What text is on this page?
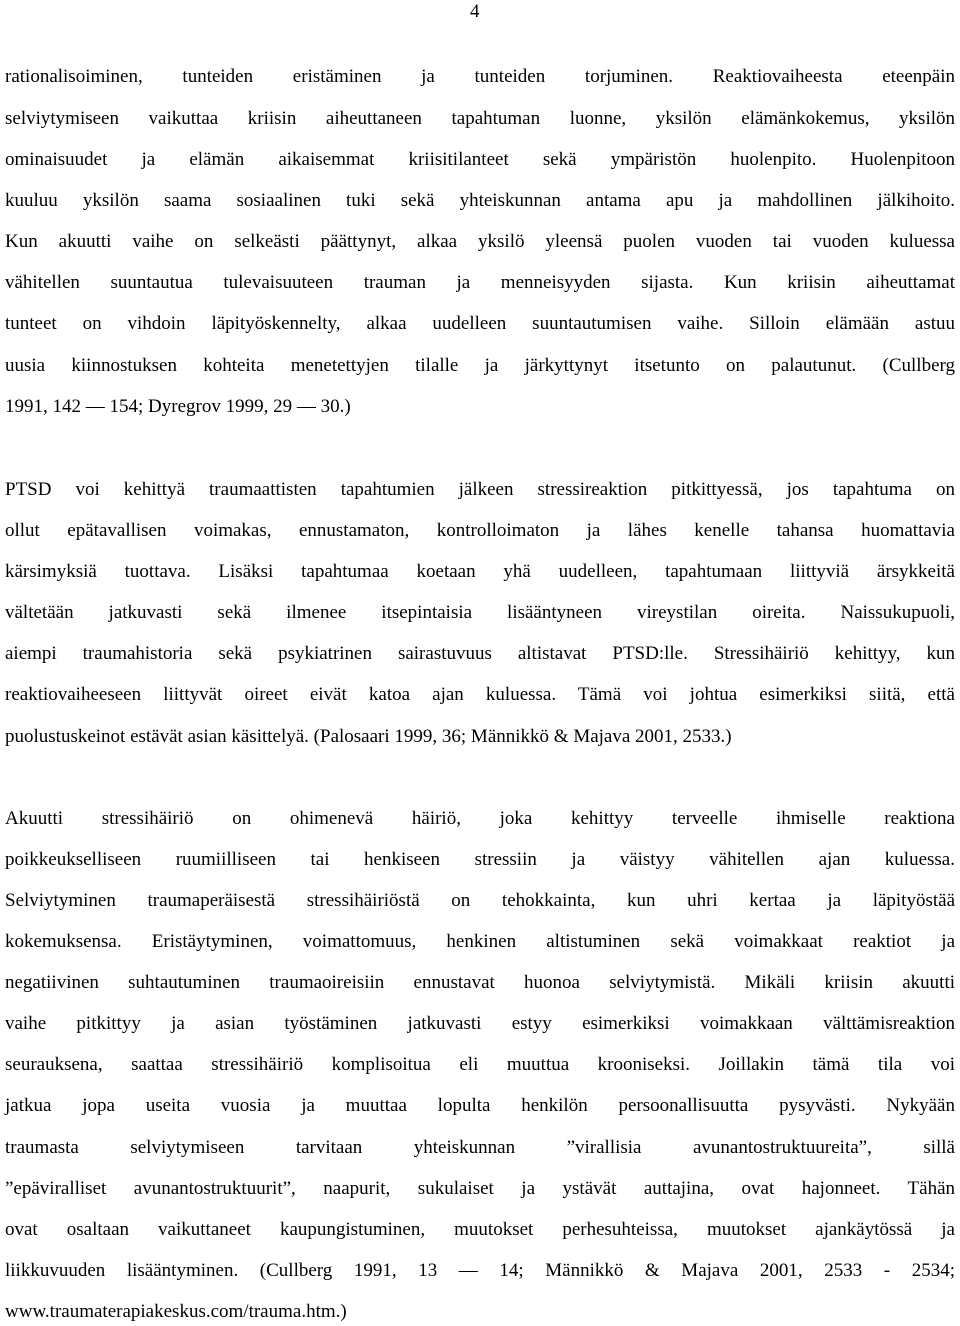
4
rationalisoiminen, tunteiden eristäminen ja tunteiden torjuminen. Reaktiovaiheesta eteenpäin
selviytymiseen vaikuttaa kriisin aiheuttaneen tapahtuman luonne, yksilön elämänkokemus, yksilön
ominaisuudet ja elämän aikaisemmat kriisitilanteet sekä ympäristön huolenpito. Huolenpitoon
kuuluu yksilön saama sosiaalinen tuki sekä yhteiskunnan antama apu ja mahdollinen jälkihoito.
Kun akuutti vaihe on selkeästi päättynyt, alkaa yksilö yleensä puolen vuoden tai vuoden kuluessa
vähitellen suuntautua tulevaisuuteen trauman ja menneisyyden sijasta. Kun kriisin aiheuttamat
tunteet on vihdoin läpityöskennelty, alkaa uudelleen suuntautumisen vaihe. Silloin elämään astuu
uusia kiinnostuksen kohteita menetettyjen tilalle ja järkyttynyt itsetunto on palautunut. (Cullberg
1991, 142 — 154; Dyregrov 1999, 29 — 30.)
PTSD voi kehittyä traumaattisten tapahtumien jälkeen stressireaktion pitkittyessä, jos tapahtuma on
ollut epätavallisen voimakas, ennustamaton, kontrolloimaton ja lähes kenelle tahansa huomattavia
kärsimyksiä tuottava. Lisäksi tapahtumaa koetaan yhä uudelleen, tapahtumaan liittyviä ärsykkeitä
vältetään jatkuvasti sekä ilmenee itsepintaisia lisääntyneen vireystilan oireita. Naissukupuoli,
aiempi traumahistoria sekä psykiatrinen sairastuvuus altistavat PTSD:lle. Stressihäiriö kehittyy, kun
reaktiovaiheeseen liittyvät oireet eivät katoa ajan kuluessa. Tämä voi johtua esimerkiksi siitä, että
puolustuskeinot estävät asian käsittelyä. (Palosaari 1999, 36; Männikkö & Majava 2001, 2533.)
Akuutti stressihäiriö on ohimenevä häiriö, joka kehittyy terveelle ihmiselle reaktiona
poikkeukselliseen ruumiilliseen tai henkiseen stressiin ja väistyy vähitellen ajan kuluessa.
Selviytyminen traumaperäisestä stressihäiriöstä on tehokkainta, kun uhri kertaa ja läpityöstää
kokemuksensa. Eristäytyminen, voimattomuus, henkinen altistuminen sekä voimakkaat reaktiot ja
negatiivinen suhtautuminen traumaoireisiin ennustavat huonoa selviytymistä. Mikäli kriisin akuutti
vaihe pitkittyy ja asian työstäminen jatkuvasti estyy esimerkiksi voimakkaan välttämisreaktion
seurauksena, saattaa stressihäiriö komplisoitua eli muuttua krooniseksi. Joillakin tämä tila voi
jatkua jopa useita vuosia ja muuttaa lopulta henkilön persoonallisuutta pysyvästi. Nykyään
traumasta selviytymiseen tarvitaan yhteiskunnan ”virallisia avunantostruktuureita”, sillä
”epäviralliset avunantostruktuurit”, naapurit, sukulaiset ja ystävät auttajina, ovat hajonneet. Tähän
ovat osaltaan vaikuttaneet kaupungistuminen, muutokset perhesuhteissa, muutokset ajankäytössä ja
liikkuvuuden lisääntyminen. (Cullberg 1991, 13 — 14; Männikkö & Majava 2001, 2533 - 2534;
www.traumaterapiakeskus.com/trauma.htm.)
